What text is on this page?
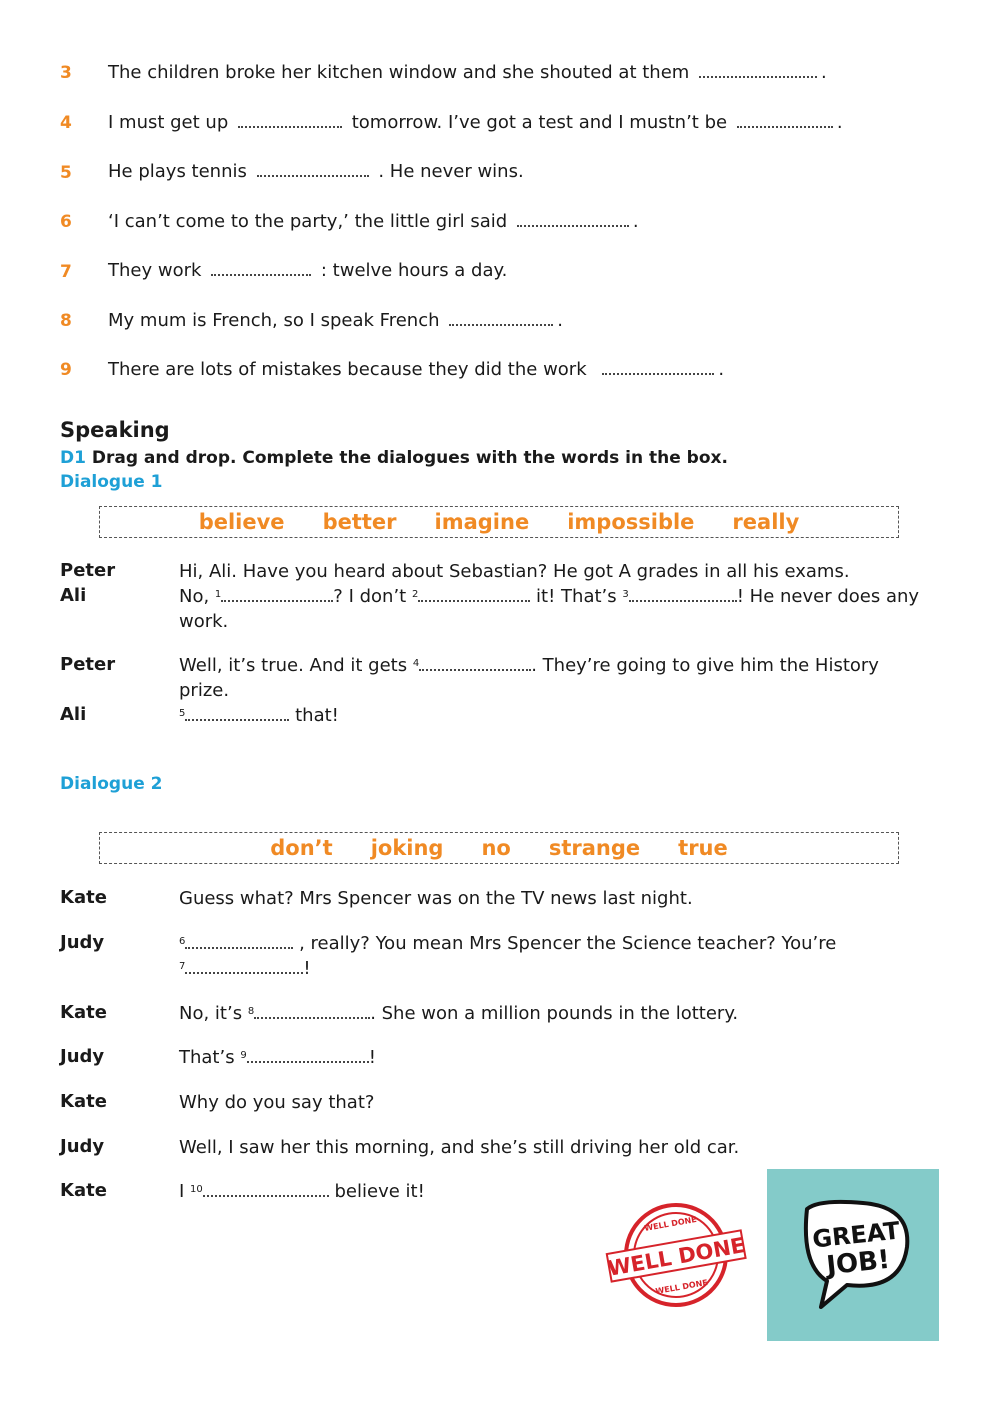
3 The children broke her kitchen window and she shouted at them	.
4 I must get up	tomorrow. I’ve got a test and I mustn’t be	.
5 He plays tennis	. He never wins.
6 ‘I can’t come to the party,’ the little girl said	.
7 They work	: twelve hours a day.
8 My mum is French, so I speak French	.
9 There are lots of mistakes because they did the work	.
Speaking
D1 Drag and drop. Complete the dialogues with the words in the box.
Dialogue 1
believe better imagine impossible really
Peter	Hi, Ali. Have you heard about Sebastian? He got A grades in all his exams.
Ali	No, $^1$	? I don’t $^2$	it! That’s $^3$	! He never does any work.
Peter	Well, it’s true. And it gets $^4$	. They’re going to give him the History prize.
Ali	$^5$	that!
Dialogue 2
don’t joking no strange true
Kate	Guess what? Mrs Spencer was on the TV news last night.
Judy	$^6$	, really? You mean Mrs Spencer the Science teacher? You’re
$^7$	!
Kate	No, it’s $^8$	. She won a million pounds in the lottery.
Judy	That’s $^9$	!
Kate	Why do you say that?
Judy	Well, I saw her this morning, and she’s still driving her old car.
Kate	I $^{10}$	believe it!
WELL DONE
WELL DONE
WELL DONE
GREAT
JOB!
